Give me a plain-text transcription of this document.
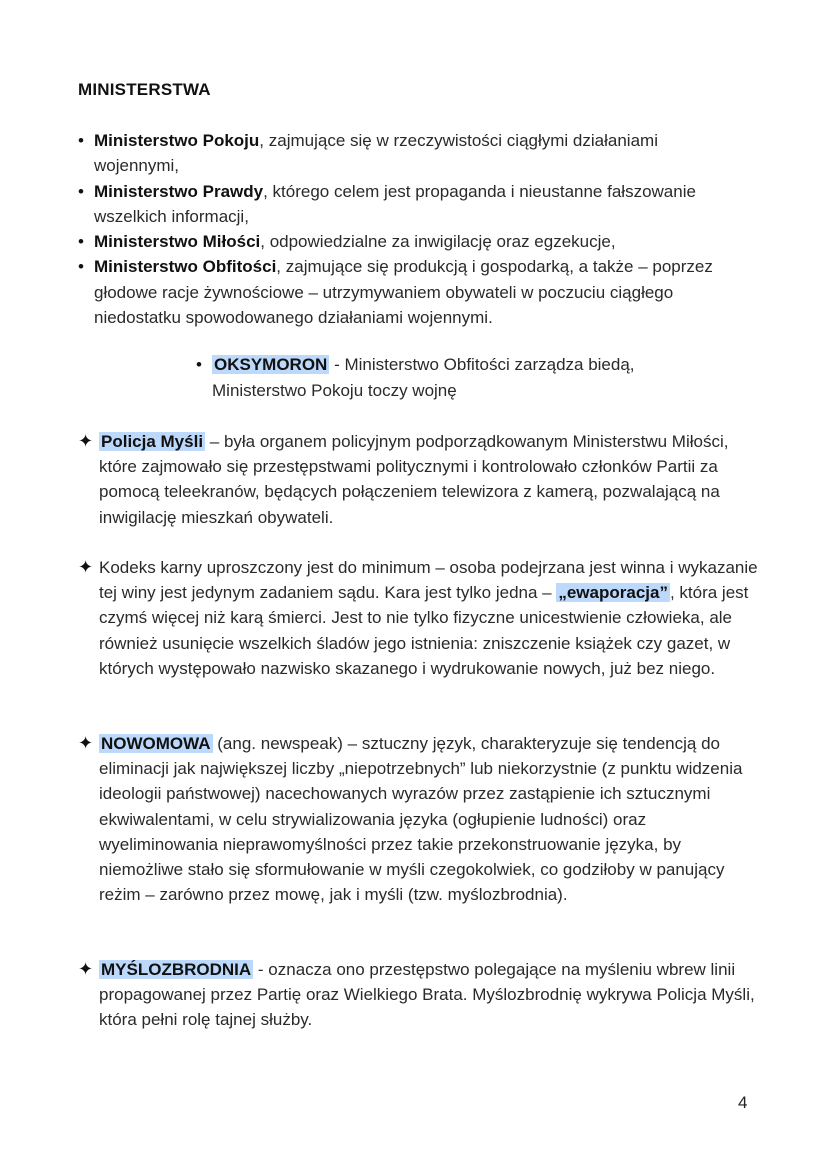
MINISTERSTWA
• Ministerstwo Pokoju, zajmujące się w rzeczywistości ciągłymi działaniami wojennymi,
• Ministerstwo Prawdy, którego celem jest propaganda i nieustanne fałszowanie wszelkich informacji,
• Ministerstwo Miłości, odpowiedzialne za inwigilację oraz egzekucje,
• Ministerstwo Obfitości, zajmujące się produkcją i gospodarką, a także – poprzez głodowe racje żywnościowe – utrzymywaniem obywateli w poczuciu ciągłego niedostatku spowodowanego działaniami wojennymi.
• OKSYMORON - Ministerstwo Obfitości zarządza biedą, Ministerstwo Pokoju toczy wojnę
✦ Policja Myśli – była organem policyjnym podporządkowanym Ministerstwu Miłości, które zajmowało się przestępstwami politycznymi i kontrolowało członków Partii za pomocą teleekranów, będących połączeniem telewizora z kamerą, pozwalającą na inwigilację mieszkań obywateli.
✦ Kodeks karny uproszczony jest do minimum – osoba podejrzana jest winna i wykazanie tej winy jest jedynym zadaniem sądu. Kara jest tylko jedna – „ewaporacja” , która jest czymś więcej niż karą śmierci. Jest to nie tylko fizyczne unicestwienie człowieka, ale również usunięcie wszelkich śladów jego istnienia: zniszczenie książek czy gazet, w których występowało nazwisko skazanego i wydrukowanie nowych, już bez niego.
✦ NOWOMOWA (ang. newspeak) – sztuczny język, charakteryzuje się tendencją do eliminacji jak największej liczby „niepotrzebnych” lub niekorzystnie (z punktu widzenia ideologii państwowej) nacechowanych wyrazów przez zastąpienie ich sztucznymi ekwiwalentami, w celu strywializowania języka (ogłupienie ludności) oraz wyeliminowania nieprawomyślności przez takie przekonstruowanie języka, by niemożliwe stało się sformułowanie w myśli czegokolwiek, co godziłoby w panujący reżim – zarówno przez mowę, jak i myśli (tzw. myślozbrodnia).
✦ MYŚLOZBRODNIA - oznacza ono przestępstwo polegające na myśleniu wbrew linii propagowanej przez Partię oraz Wielkiego Brata. Myślozbrodnię wykrywa Policja Myśli, która pełni rolę tajnej służby.
4
